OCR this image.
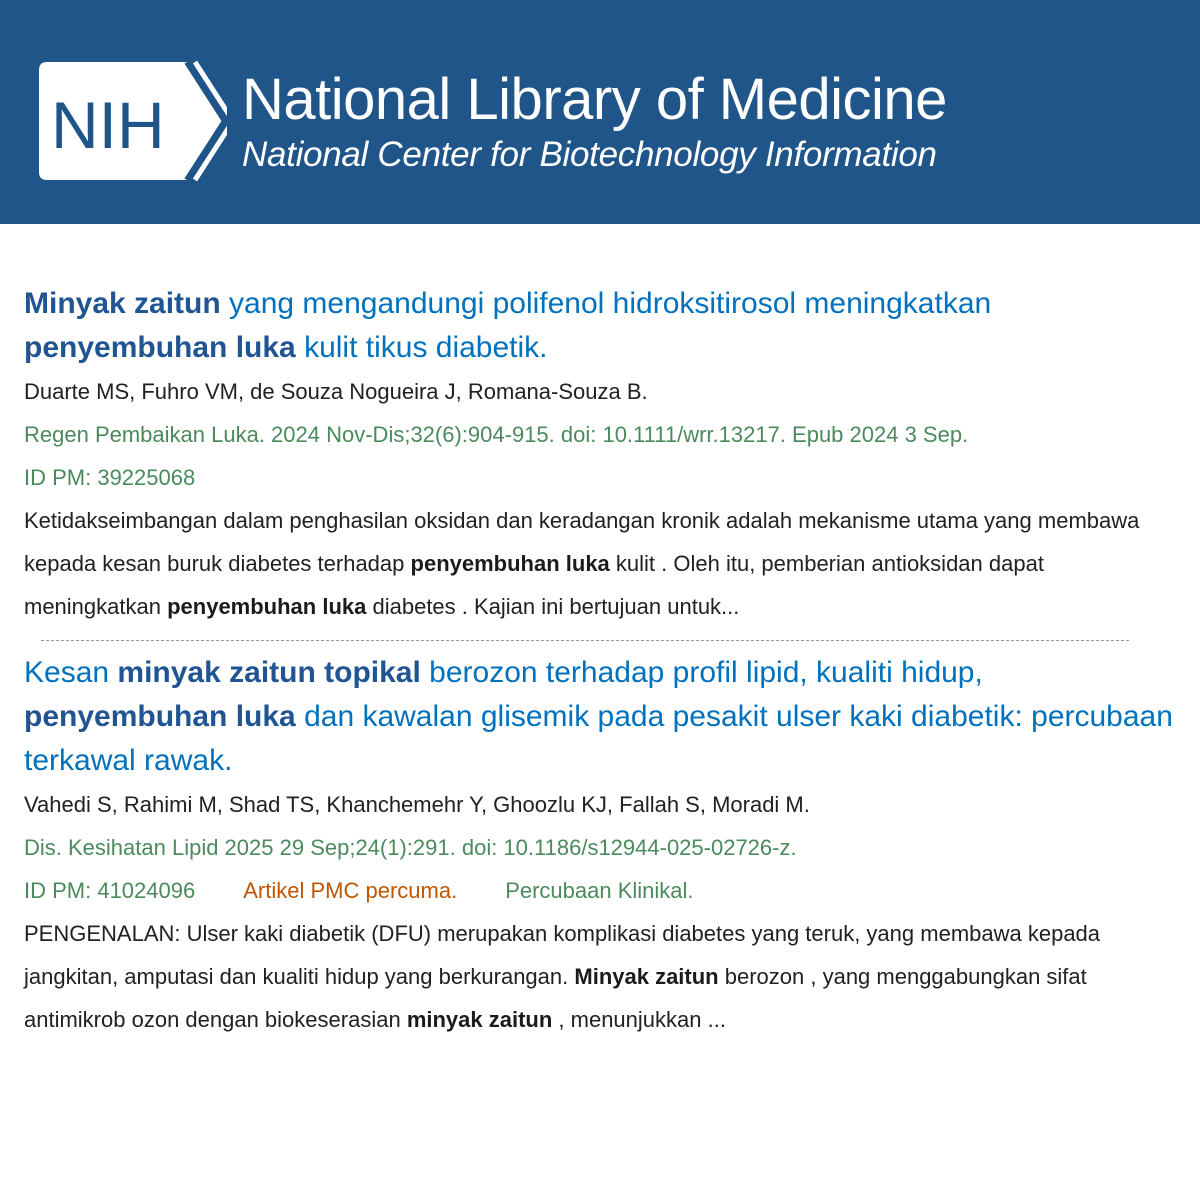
NIH National Library of Medicine
National Center for Biotechnology Information
Minyak zaitun yang mengandungi polifenol hidroksitirosol meningkatkan penyembuhan luka kulit tikus diabetik.
Duarte MS, Fuhro VM, de Souza Nogueira J, Romana-Souza B.
Regen Pembaikan Luka. 2024 Nov-Dis;32(6):904-915. doi: 10.1111/wrr.13217. Epub 2024 3 Sep.
ID PM: 39225068
Ketidakseimbangan dalam penghasilan oksidan dan keradangan kronik adalah mekanisme utama yang membawa kepada kesan buruk diabetes terhadap penyembuhan luka kulit . Oleh itu, pemberian antioksidan dapat meningkatkan penyembuhan luka diabetes . Kajian ini bertujuan untuk...
Kesan minyak zaitun topikal berozon terhadap profil lipid, kualiti hidup, penyembuhan luka dan kawalan glisemik pada pesakit ulser kaki diabetik: percubaan terkawal rawak.
Vahedi S, Rahimi M, Shad TS, Khanchemehr Y, Ghoozlu KJ, Fallah S, Moradi M.
Dis. Kesihatan Lipid 2025 29 Sep;24(1):291. doi: 10.1186/s12944-025-02726-z.
ID PM: 41024096 Artikel PMC percuma. Percubaan Klinikal.
PENGENALAN: Ulser kaki diabetik (DFU) merupakan komplikasi diabetes yang teruk, yang membawa kepada jangkitan, amputasi dan kualiti hidup yang berkurangan. Minyak zaitun berozon , yang menggabungkan sifat antimikrob ozon dengan biokeserasian minyak zaitun , menunjukkan ...
